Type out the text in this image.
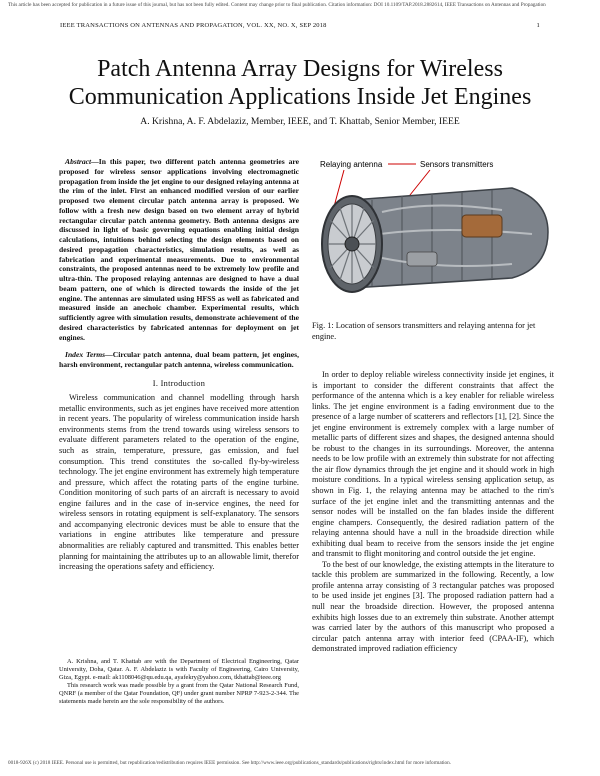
This article has been accepted for publication in a future issue of this journal, but has not been fully edited. Content may change prior to final publication. Citation information: DOI 10.1109/TAP.2018.2882614, IEEE Transactions on Antennas and Propagation
IEEE TRANSACTIONS ON ANTENNAS AND PROPAGATION, VOL. XX, NO. X, SEP 2018	1
Patch Antenna Array Designs for Wireless Communication Applications Inside Jet Engines
A. Krishna, A. F. Abdelaziz, Member, IEEE, and T. Khattab, Senior Member, IEEE

Abstract—In this paper, two different patch antenna geometries are proposed for wireless sensor applications involving electromagnetic propagation from inside the jet engine to our designed relaying antenna at the rim of the inlet. First an enhanced modified version of our earlier proposed two element circular patch antenna array is proposed. We follow with a fresh new design based on two element array of hybrid rectangular circular patch antenna geometry. Both antenna designs are discussed in light of basic governing equations enabling initial design calculations, intuitions behind selecting the design elements based on desired propagation characteristics, simulation results, as well as fabrication and experimental measurements. Due to environmental constraints, the proposed antennas need to be extremely low profile and ultra-thin. The proposed relaying antennas are designed to have a dual beam pattern, one of which is directed towards the inside of the jet engine. The antennas are simulated using HFSS as well as fabricated and measured inside an anechoic chamber. Experimental results, which sufficiently agree with simulation results, demonstrate achievement of the desired characteristics by fabricated antennas for deployment on jet engines.

Index Terms—Circular patch antenna, dual beam pattern, jet engines, harsh environment, rectangular patch antenna, wireless communication.

I. Introduction

Wireless communication and channel modelling through harsh metallic environments, such as jet engines have received more attention in recent years. The popularity of wireless communication inside harsh environments stems from the trend towards using wireless sensors to evaluate different parameters related to the operation of the engine, such as strain, temperature, pressure, gas emission, and fuel consumption. This trend constitutes the so-called fly-by-wireless technology. The jet engine environment has extremely high temperature and pressure, which affect the rotating parts of the engine turbine. Condition monitoring of such parts of an aircraft is necessary to avoid engine failures and in the case of in-service engines, the need for wireless sensors in rotating equipment is self-explanatory. The sensors and accompanying electronic devices must be able to ensure that the variations in engine attributes like temperature and pressure abnormalities are reliably captured and transmitted. This enables better planning for maintaining the attributes up to an allowable limit, therefor increasing the operations safety and efficiency.

A. Krishna, and T. Khattab are with the Department of Electrical Engineering, Qatar University, Doha, Qatar. A. F. Abdelaziz is with Faculty of Engineering, Cairo University, Giza, Egypt. e-mail: ak1108046@qu.edu.qa, ayafekry@yahoo.com, tkhattab@ieee.org

This research work was made possible by a grant from the Qatar National Research Fund, QNRF (a member of the Qatar Foundation, QF) under grant number NPRP 7-923-2-344. The statements made herein are the sole responsibility of the authors.

Relaying antenna	Sensors transmitters
Fig. 1: Location of sensors transmitters and relaying antenna for jet engine.

In order to deploy reliable wireless connectivity inside jet engines, it is important to consider the different constraints that affect the performance of the antenna which is a key enabler for reliable wireless links. The jet engine environment is a fading environment due to the presence of a large number of scatterers and reflectors [1], [2]. Since the jet engine environment is extremely complex with a large number of metallic parts of different sizes and shapes, the designed antenna should be robust to the changes in its surroundings. Moreover, the antenna needs to be low profile with an extremely thin substrate for not affecting the air flow dynamics through the jet engine and it should work in high moisture conditions. In a typical wireless sensing application setup, as shown in Fig. 1, the relaying antenna may be attached to the rim's surface of the jet engine inlet and the transmitting antennas and the sensor nodes will be installed on the fan blades inside the different engine champers. Consequently, the desired radiation pattern of the relaying antenna should have a null in the broadside direction while exhibiting dual beam to receive from the sensors inside the jet engine and transmit to flight monitoring and control outside the jet engine.

To the best of our knowledge, the existing attempts in the literature to tackle this problem are summarized in the following. Recently, a low profile antenna array consisting of 3 rectangular patches was proposed to be used inside jet engines [3]. The proposed radiation pattern had a null near the broadside direction. However, the proposed antenna exhibits high losses due to an extremely thin substrate. Another attempt was carried later by the authors of this manuscript who proposed a circular patch antenna array with interior feed (CPAA-IF), which demonstrated improved radiation efficiency

0018-926X (c) 2018 IEEE. Personal use is permitted, but republication/redistribution requires IEEE permission. See http://www.ieee.org/publications_standards/publications/rights/index.html for more information.
